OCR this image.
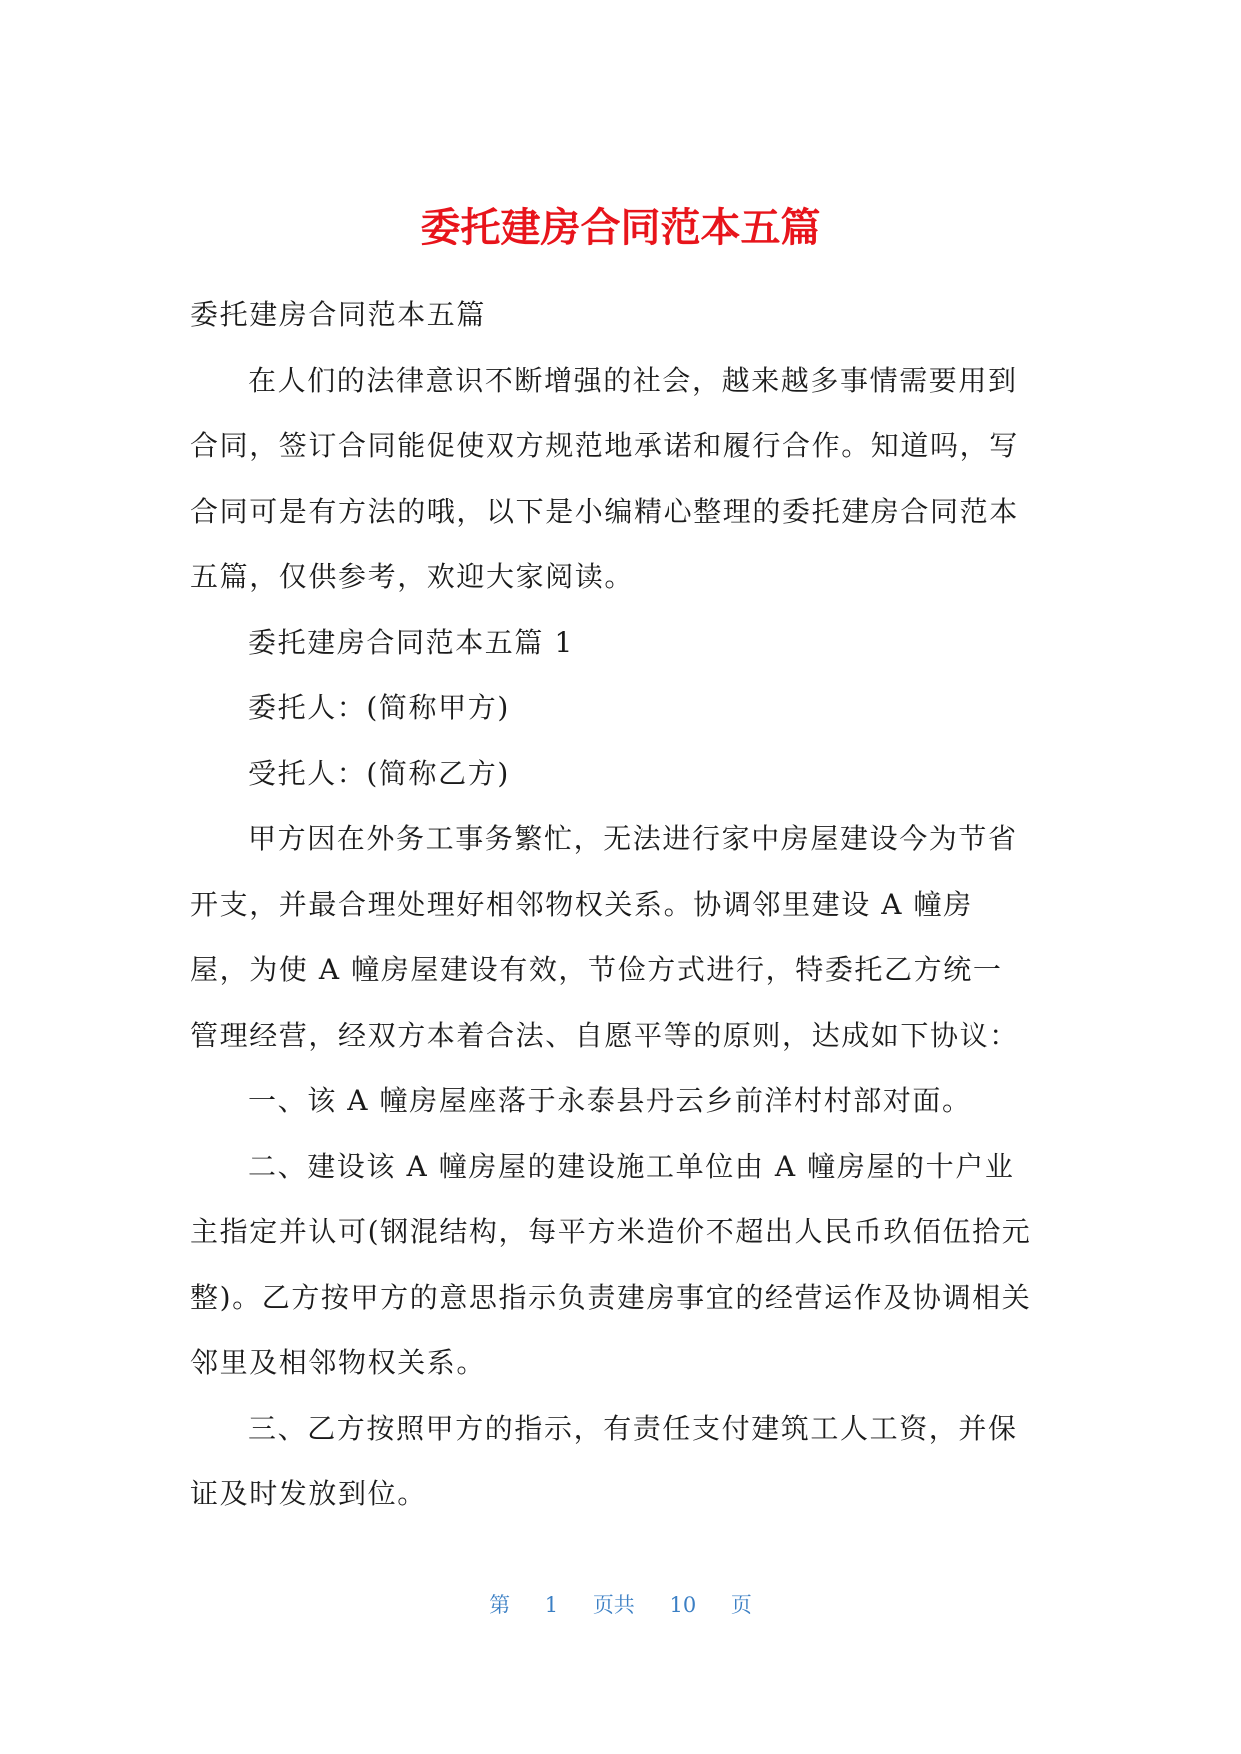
委托建房合同范本五篇

委托建房合同范本五篇

在人们的法律意识不断增强的社会，越来越多事情需要用到合同，签订合同能促使双方规范地承诺和履行合作。知道吗，写合同可是有方法的哦，以下是小编精心整理的委托建房合同范本五篇，仅供参考，欢迎大家阅读。

委托建房合同范本五篇 1

委托人：(简称甲方)

受托人：(简称乙方)

甲方因在外务工事务繁忙，无法进行家中房屋建设今为节省开支，并最合理处理好相邻物权关系。协调邻里建设 A 幢房屋，为使 A 幢房屋建设有效，节俭方式进行，特委托乙方统一管理经营，经双方本着合法、自愿平等的原则，达成如下协议：

一、该 A 幢房屋座落于永泰县丹云乡前洋村村部对面。

二、建设该 A 幢房屋的建设施工单位由 A 幢房屋的十户业主指定并认可(钢混结构，每平方米造价不超出人民币玖佰伍拾元整)。乙方按甲方的意思指示负责建房事宜的经营运作及协调相关邻里及相邻物权关系。

三、乙方按照甲方的指示，有责任支付建筑工人工资，并保证及时发放到位。

第 1 页共 10 页
